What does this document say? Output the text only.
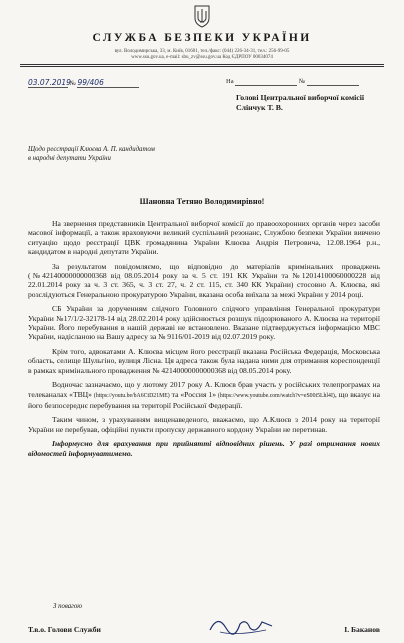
СЛУЖБА БЕЗПЕКИ УКРАЇНИ
вул. Володимирська, 33, м. Київ, 01601, тел./факс: (044) 226-34-31, тел.: 256-99-05
www.ssu.gov.ua, e-mail: sbu_zv@ssu.gov.ua Код ЄДРПОУ 00034074
03.07.2019 № 99/406	На	№
Голові Центральної виборчої комісії
Слінчук Т. В.
Щодо реєстрації Клюєва А. П. кандидатом
в народні депутати України
Шановна Тетяно Володимирівно!

На звернення представників Центральної виборчої комісії до правоохоронних органів через засоби масової інформації, а також враховуючи великий суспільний резонанс, Службою безпеки України вивчено ситуацію щодо реєстрації ЦВК громадянина України Клюєва Андрія Петровича, 12.08.1964 р.н., кандидатом в народні депутати України.

За результатом повідомляємо, що відповідно до матеріалів кримінальних проваджень (№42140000000000368 від 08.05.2014 року за ч. 5 ст. 191 КК України та №12014100060000228 від 22.01.2014 року за ч. 3 ст. 365, ч. 3 ст. 27, ч. 2 ст. 115, ст. 340 КК України) стосовно А. Клюєва, які розслідуються Генеральною прокуратурою України, вказана особа виїхала за межі України у 2014 році.

СБ України за дорученням слідчого Головного слідчого управління Генеральної прокуратури України №17/1/2-32178-14 від 28.02.2014 року здійснюється розшук підозрюваного А. Клюєва на території України. Його перебування в нашій державі не встановлено. Вказане підтверджується інформацією МВС України, надісланою на Вашу адресу за № 9116/01-2019 від 02.07.2019 року.

Крім того, адвокатами А. Клюєва місцем його реєстрації вказана Російська Федерація, Московська область, селище Шульгіно, вулиця Лісна. Ця адреса також була надана ними для отримання кореспонденції в рамках кримінального провадження № 42140000000000368 від 08.05.2014 року.

Водночас зазначаємо, що у лютому 2017 року А. Клюєв брав участь у російських телепрограмах на телеканалах «ТВЦ» (https://youtu.be/bA6CtD21ME) та «Россия 1» (https://www.youtube.com/watch?v=eS00i5Lhl4I), що вказує на його безпосереднє перебування на території Російської Федерації.

Таким чином, з урахуванням вищенаведеного, вважаємо, що А.Клюєв з 2014 року на території України не перебував, офіційні пункти пропуску державного кордону України не перетинав.

Інформуємо для врахування при прийнятті відповідних рішень. У разі отримання нових відомостей інформуватимемо.

З повагою
Т.в.о. Голови Служби	І. Баканов
